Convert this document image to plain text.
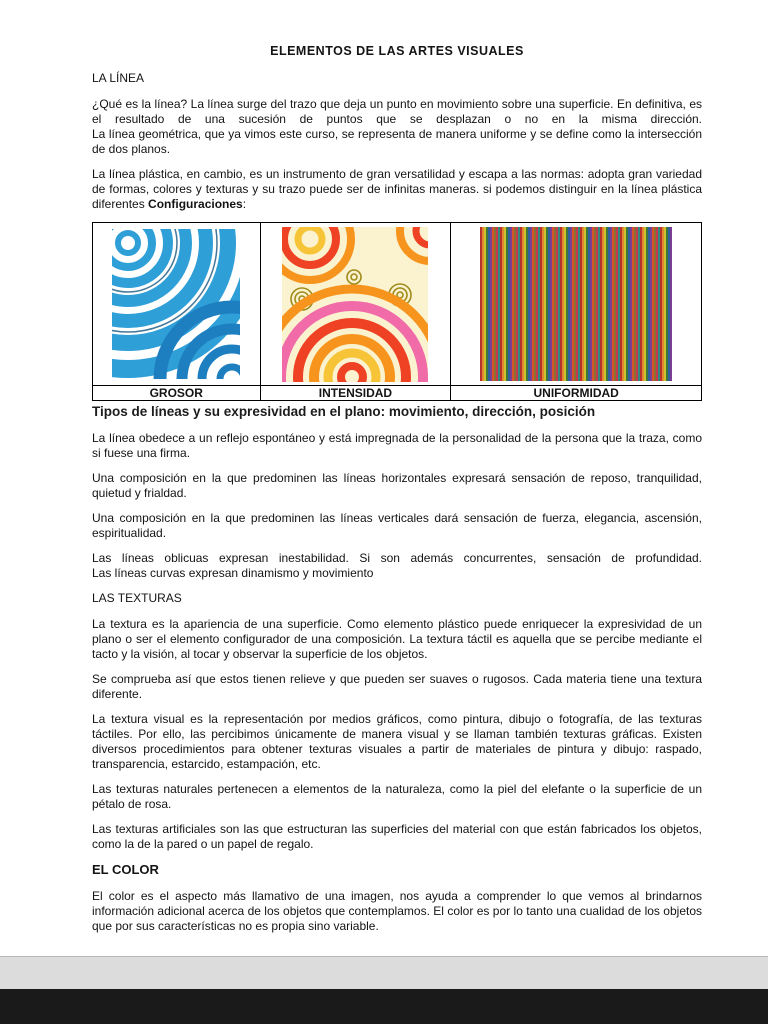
ELEMENTOS DE LAS ARTES VISUALES
LA LÍNEA
¿Qué es la línea? La línea surge del trazo que deja un punto en movimiento sobre una superficie. En definitiva, es el resultado de una sucesión de puntos que se desplazan o no en la misma dirección.
La línea geométrica, que ya vimos este curso, se representa de manera uniforme y se define como la intersección de dos planos.
La línea plástica, en cambio, es un instrumento de gran versatilidad y escapa a las normas: adopta gran variedad de formas, colores y texturas y su trazo puede ser de infinitas maneras. si podemos distinguir en la línea plástica diferentes Configuraciones:

GROSOR	INTENSIDAD	UNIFORMIDAD
Tipos de líneas y su expresividad en el plano: movimiento, dirección, posición
La línea obedece a un reflejo espontáneo y está impregnada de la personalidad de la persona que la traza, como si fuese una firma.
Una composición en la que predominen las líneas horizontales expresará sensación de reposo, tranquilidad, quietud y frialdad.
Una composición en la que predominen las líneas verticales dará sensación de fuerza, elegancia, ascensión, espiritualidad.
Las líneas oblicuas expresan inestabilidad. Si son además concurrentes, sensación de profundidad.
Las líneas curvas expresan dinamismo y movimiento
LAS TEXTURAS
La textura es la apariencia de una superficie. Como elemento plástico puede enriquecer la expresividad de un plano o ser el elemento configurador de una composición. La textura táctil es aquella que se percibe mediante el tacto y la visión, al tocar y observar la superficie de los objetos.
Se comprueba así que estos tienen relieve y que pueden ser suaves o rugosos. Cada materia tiene una textura diferente.
La textura visual es la representación por medios gráficos, como pintura, dibujo o fotografía, de las texturas táctiles. Por ello, las percibimos únicamente de manera visual y se llaman también texturas gráficas. Existen diversos procedimientos para obtener texturas visuales a partir de materiales de pintura y dibujo: raspado, transparencia, estarcido, estampación, etc.
Las texturas naturales pertenecen a elementos de la naturaleza, como la piel del elefante o la superficie de un pétalo de rosa.
Las texturas artificiales son las que estructuran las superficies del material con que están fabricados los objetos, como la de la pared o un papel de regalo.
EL COLOR
El color es el aspecto más llamativo de una imagen, nos ayuda a comprender lo que vemos al brindarnos información adicional acerca de los objetos que contemplamos. El color es por lo tanto una cualidad de los objetos que por sus características no es propia sino variable.
